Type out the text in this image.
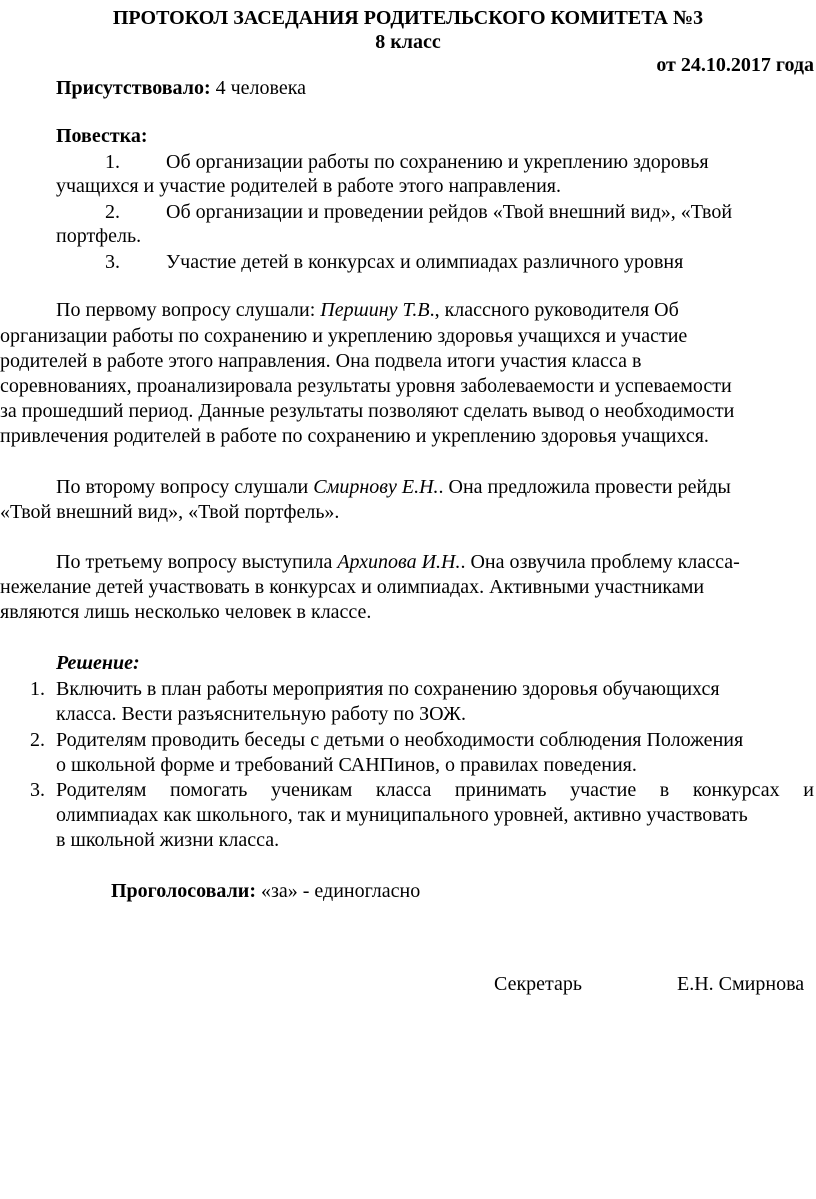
ПРОТОКОЛ ЗАСЕДАНИЯ РОДИТЕЛЬСКОГО КОМИТЕТА №3
8 класс
от 24.10.2017 года
Присутствовало: 4 человека
Повестка:
1. Об организации работы по сохранению и укреплению здоровья
учащихся и участие родителей в работе этого направления.
2. Об организации и проведении рейдов «Твой внешний вид», «Твой
портфель.
3. Участие детей в конкурсах и олимпиадах различного уровня
По первому вопросу слушали: Першину Т.В., классного руководителя Об
организации работы по сохранению и укреплению здоровья учащихся и участие
родителей в работе этого направления. Она подвела итоги участия класса в
соревнованиях, проанализировала результаты уровня заболеваемости и успеваемости
за прошедший период. Данные результаты позволяют сделать вывод о необходимости
привлечения родителей в работе по сохранению и укреплению здоровья учащихся.
По второму вопросу слушали Смирнову Е.Н.. Она предложила провести рейды
«Твой внешний вид», «Твой портфель».
По третьему вопросу выступила Архипова И.Н.. Она озвучила проблему класса-
нежелание детей участвовать в конкурсах и олимпиадах. Активными участниками
являются лишь несколько человек в классе.
Решение:
1. Включить в план работы мероприятия по сохранению здоровья обучающихся
класса. Вести разъяснительную работу по ЗОЖ.
2. Родителям проводить беседы с детьми о необходимости соблюдения Положения
о школьной форме и требований САНПинов, о правилах поведения.
3. Родителям помогать ученикам класса принимать участие в конкурсах и
олимпиадах как школьного, так и муниципального уровней, активно участвовать
в школьной жизни класса.
Проголосовали: «за» - единогласно
Секретарь	Е.Н. Смирнова
